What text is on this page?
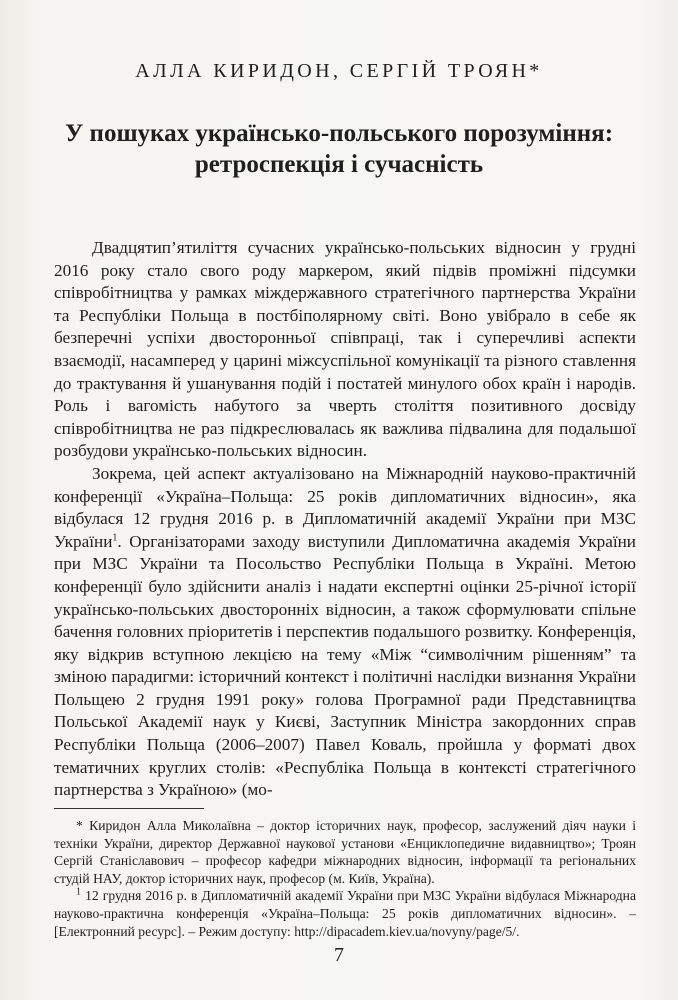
АЛЛА КИРИДОН, СЕРГІЙ ТРОЯН*
У пошуках українсько-польського порозуміння:
ретроспекція і сучасність

Двадцятип’ятиліття сучасних українсько-польських відносин у грудні 2016 року стало свого роду маркером, який підвів проміжні підсумки співробітництва у рамках міждержавного стратегічного партнерства України та Республіки Польща в постбіполярному світі. Воно увібрало в себе як безперечні успіхи двосторонньої співпраці, так і суперечливі аспекти взаємодії, насамперед у царині міжсуспільної комунікації та різного ставлення до трактування й ушанування подій і постатей минулого обох країн і народів. Роль і вагомість набутого за чверть століття позитивного досвіду співробітництва не раз підкреслювалась як важлива підвалина для подальшої розбудови українсько-польських відносин.

Зокрема, цей аспект актуалізовано на Міжнародній науково-практичній конференції «Україна–Польща: 25 років дипломатичних відносин», яка відбулася 12 грудня 2016 р. в Дипломатичній академії України при МЗС України$^1$. Організаторами заходу виступили Дипломатична академія України при МЗС України та Посольство Республіки Польща в Україні. Метою конференції було здійснити аналіз і надати експертні оцінки 25-річної історії українсько-польських двосторонніх відносин, а також сформулювати спільне бачення головних пріоритетів і перспектив подальшого розвитку. Конференція, яку відкрив вступною лекцією на тему «Між “символічним рішенням” та зміною парадигми: історичний контекст і політичні наслідки визнання України Польщею 2 грудня 1991 року» голова Програмної ради Представництва Польської Академії наук у Києві, Заступник Міністра закордонних справ Республіки Польща (2006–2007) Павел Коваль, пройшла у форматі двох тематичних круглих столів: «Республіка Польща в контексті стратегічного партнерства з Україною» (мо-

* Киридон Алла Миколаївна – доктор історичних наук, професор, заслужений діяч науки і техніки України, директор Державної наукової установи «Енциклопедичне видавництво»; Троян Сергій Станіславович – професор кафедри міжнародних відносин, інформації та регіональних студій НАУ, доктор історичних наук, професор (м. Київ, Україна).

$^1$ 12 грудня 2016 р. в Дипломатичній академії України при МЗС України відбулася Міжнародна науково-практична конференція «Україна–Польща: 25 років дипломатичних відносин». – [Електронний ресурс]. – Режим доступу: http://dipacadem.kiev.ua/novyny/page/5/.

7
